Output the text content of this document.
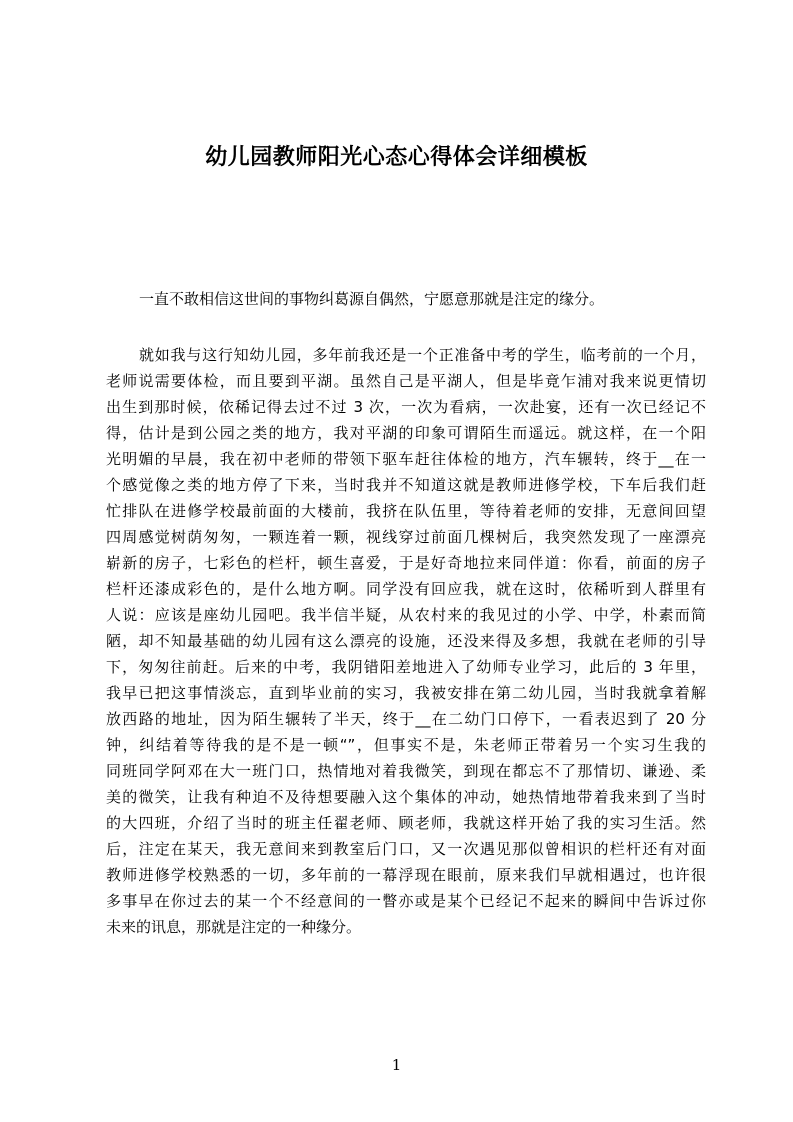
幼儿园教师阳光心态心得体会详细模板

一直不敢相信这世间的事物纠葛源自偶然，宁愿意那就是注定的缘分。

就如我与这行知幼儿园，多年前我还是一个正准备中考的学生，临考前的一个月，
老师说需要体检，而且要到平湖。虽然自己是平湖人，但是毕竟乍浦对我来说更情切
出生到那时候，依稀记得去过不过 3 次，一次为看病，一次赴宴，还有一次已经记不
得，估计是到公园之类的地方，我对平湖的印象可谓陌生而遥远。就这样，在一个阳
光明媚的早晨，我在初中老师的带领下驱车赶往体检的地方，汽车辗转，终于__在一
个感觉像之类的地方停了下来，当时我并不知道这就是教师进修学校，下车后我们赶
忙排队在进修学校最前面的大楼前，我挤在队伍里，等待着老师的安排，无意间回望
四周感觉树荫匆匆，一颗连着一颗，视线穿过前面几棵树后，我突然发现了一座漂亮
崭新的房子，七彩色的栏杆，顿生喜爱，于是好奇地拉来同伴道：你看，前面的房子
栏杆还漆成彩色的，是什么地方啊。同学没有回应我，就在这时，依稀听到人群里有
人说：应该是座幼儿园吧。我半信半疑，从农村来的我见过的小学、中学，朴素而简
陋，却不知最基础的幼儿园有这么漂亮的设施，还没来得及多想，我就在老师的引导
下，匆匆往前赶。后来的中考，我阴错阳差地进入了幼师专业学习，此后的 3 年里，
我早已把这事情淡忘，直到毕业前的实习，我被安排在第二幼儿园，当时我就拿着解
放西路的地址，因为陌生辗转了半天，终于__在二幼门口停下，一看表迟到了 20 分
钟，纠结着等待我的是不是一顿“”，但事实不是，朱老师正带着另一个实习生我的
同班同学阿邓在大一班门口，热情地对着我微笑，到现在都忘不了那情切、谦逊、柔
美的微笑，让我有种迫不及待想要融入这个集体的冲动，她热情地带着我来到了当时
的大四班，介绍了当时的班主任翟老师、顾老师，我就这样开始了我的实习生活。然
后，注定在某天，我无意间来到教室后门口，又一次遇见那似曾相识的栏杆还有对面
教师进修学校熟悉的一切，多年前的一幕浮现在眼前，原来我们早就相遇过，也许很
多事早在你过去的某一个不经意间的一瞥亦或是某个已经记不起来的瞬间中告诉过你
未来的讯息，那就是注定的一种缘分。

1
